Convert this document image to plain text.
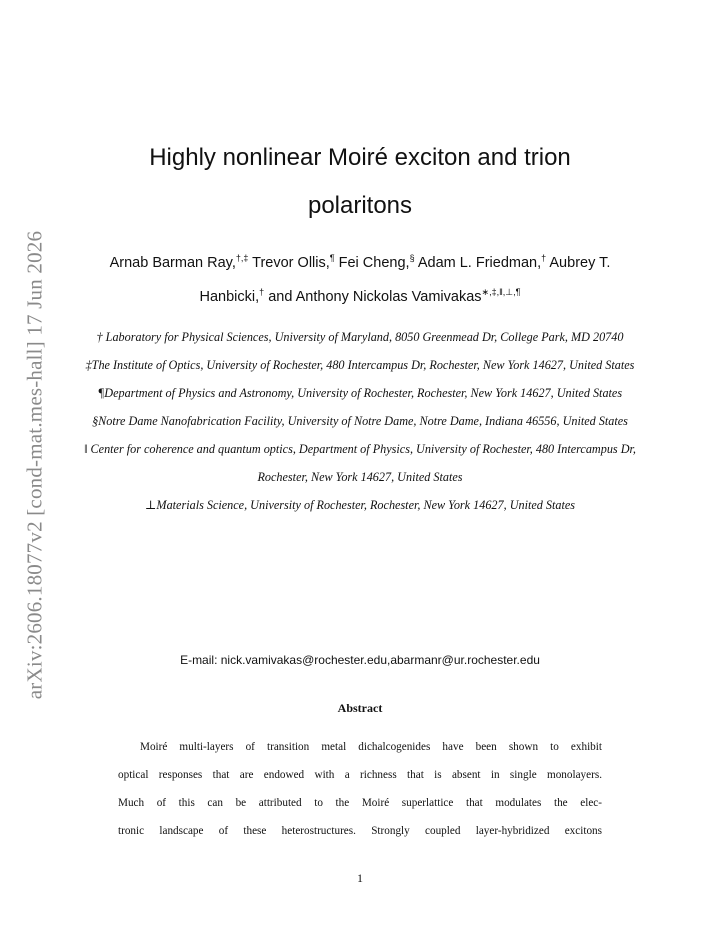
arXiv:2606.18077v2 [cond-mat.mes-hall] 17 Jun 2026
Highly nonlinear Moiré exciton and trion
polaritons
Arnab Barman Ray,†,‡ Trevor Ollis,¶ Fei Cheng,§ Adam L. Friedman,† Aubrey T.
Hanbicki,† and Anthony Nickolas Vamivakas∗,‡,‖,⊥,¶

† Laboratory for Physical Sciences, University of Maryland, 8050 Greenmead Dr, College Park, MD 20740

‡The Institute of Optics, University of Rochester, 480 Intercampus Dr, Rochester, New York 14627, United States

¶Department of Physics and Astronomy, University of Rochester, Rochester, New York 14627, United States

§Notre Dame Nanofabrication Facility, University of Notre Dame, Notre Dame, Indiana 46556, United States

‖ Center for coherence and quantum optics, Department of Physics, University of Rochester, 480 Intercampus Dr, Rochester, New York 14627, United States

⊥Materials Science, University of Rochester, Rochester, New York 14627, United States

E-mail: nick.vamivakas@rochester.edu,abarmanr@ur.rochester.edu
Abstract
Moiré multi-layers of transition metal dichalcogenides have been shown to exhibit
optical responses that are endowed with a richness that is absent in single monolayers.
Much of this can be attributed to the Moiré superlattice that modulates the elec-
tronic landscape of these heterostructures. Strongly coupled layer-hybridized excitons
1
